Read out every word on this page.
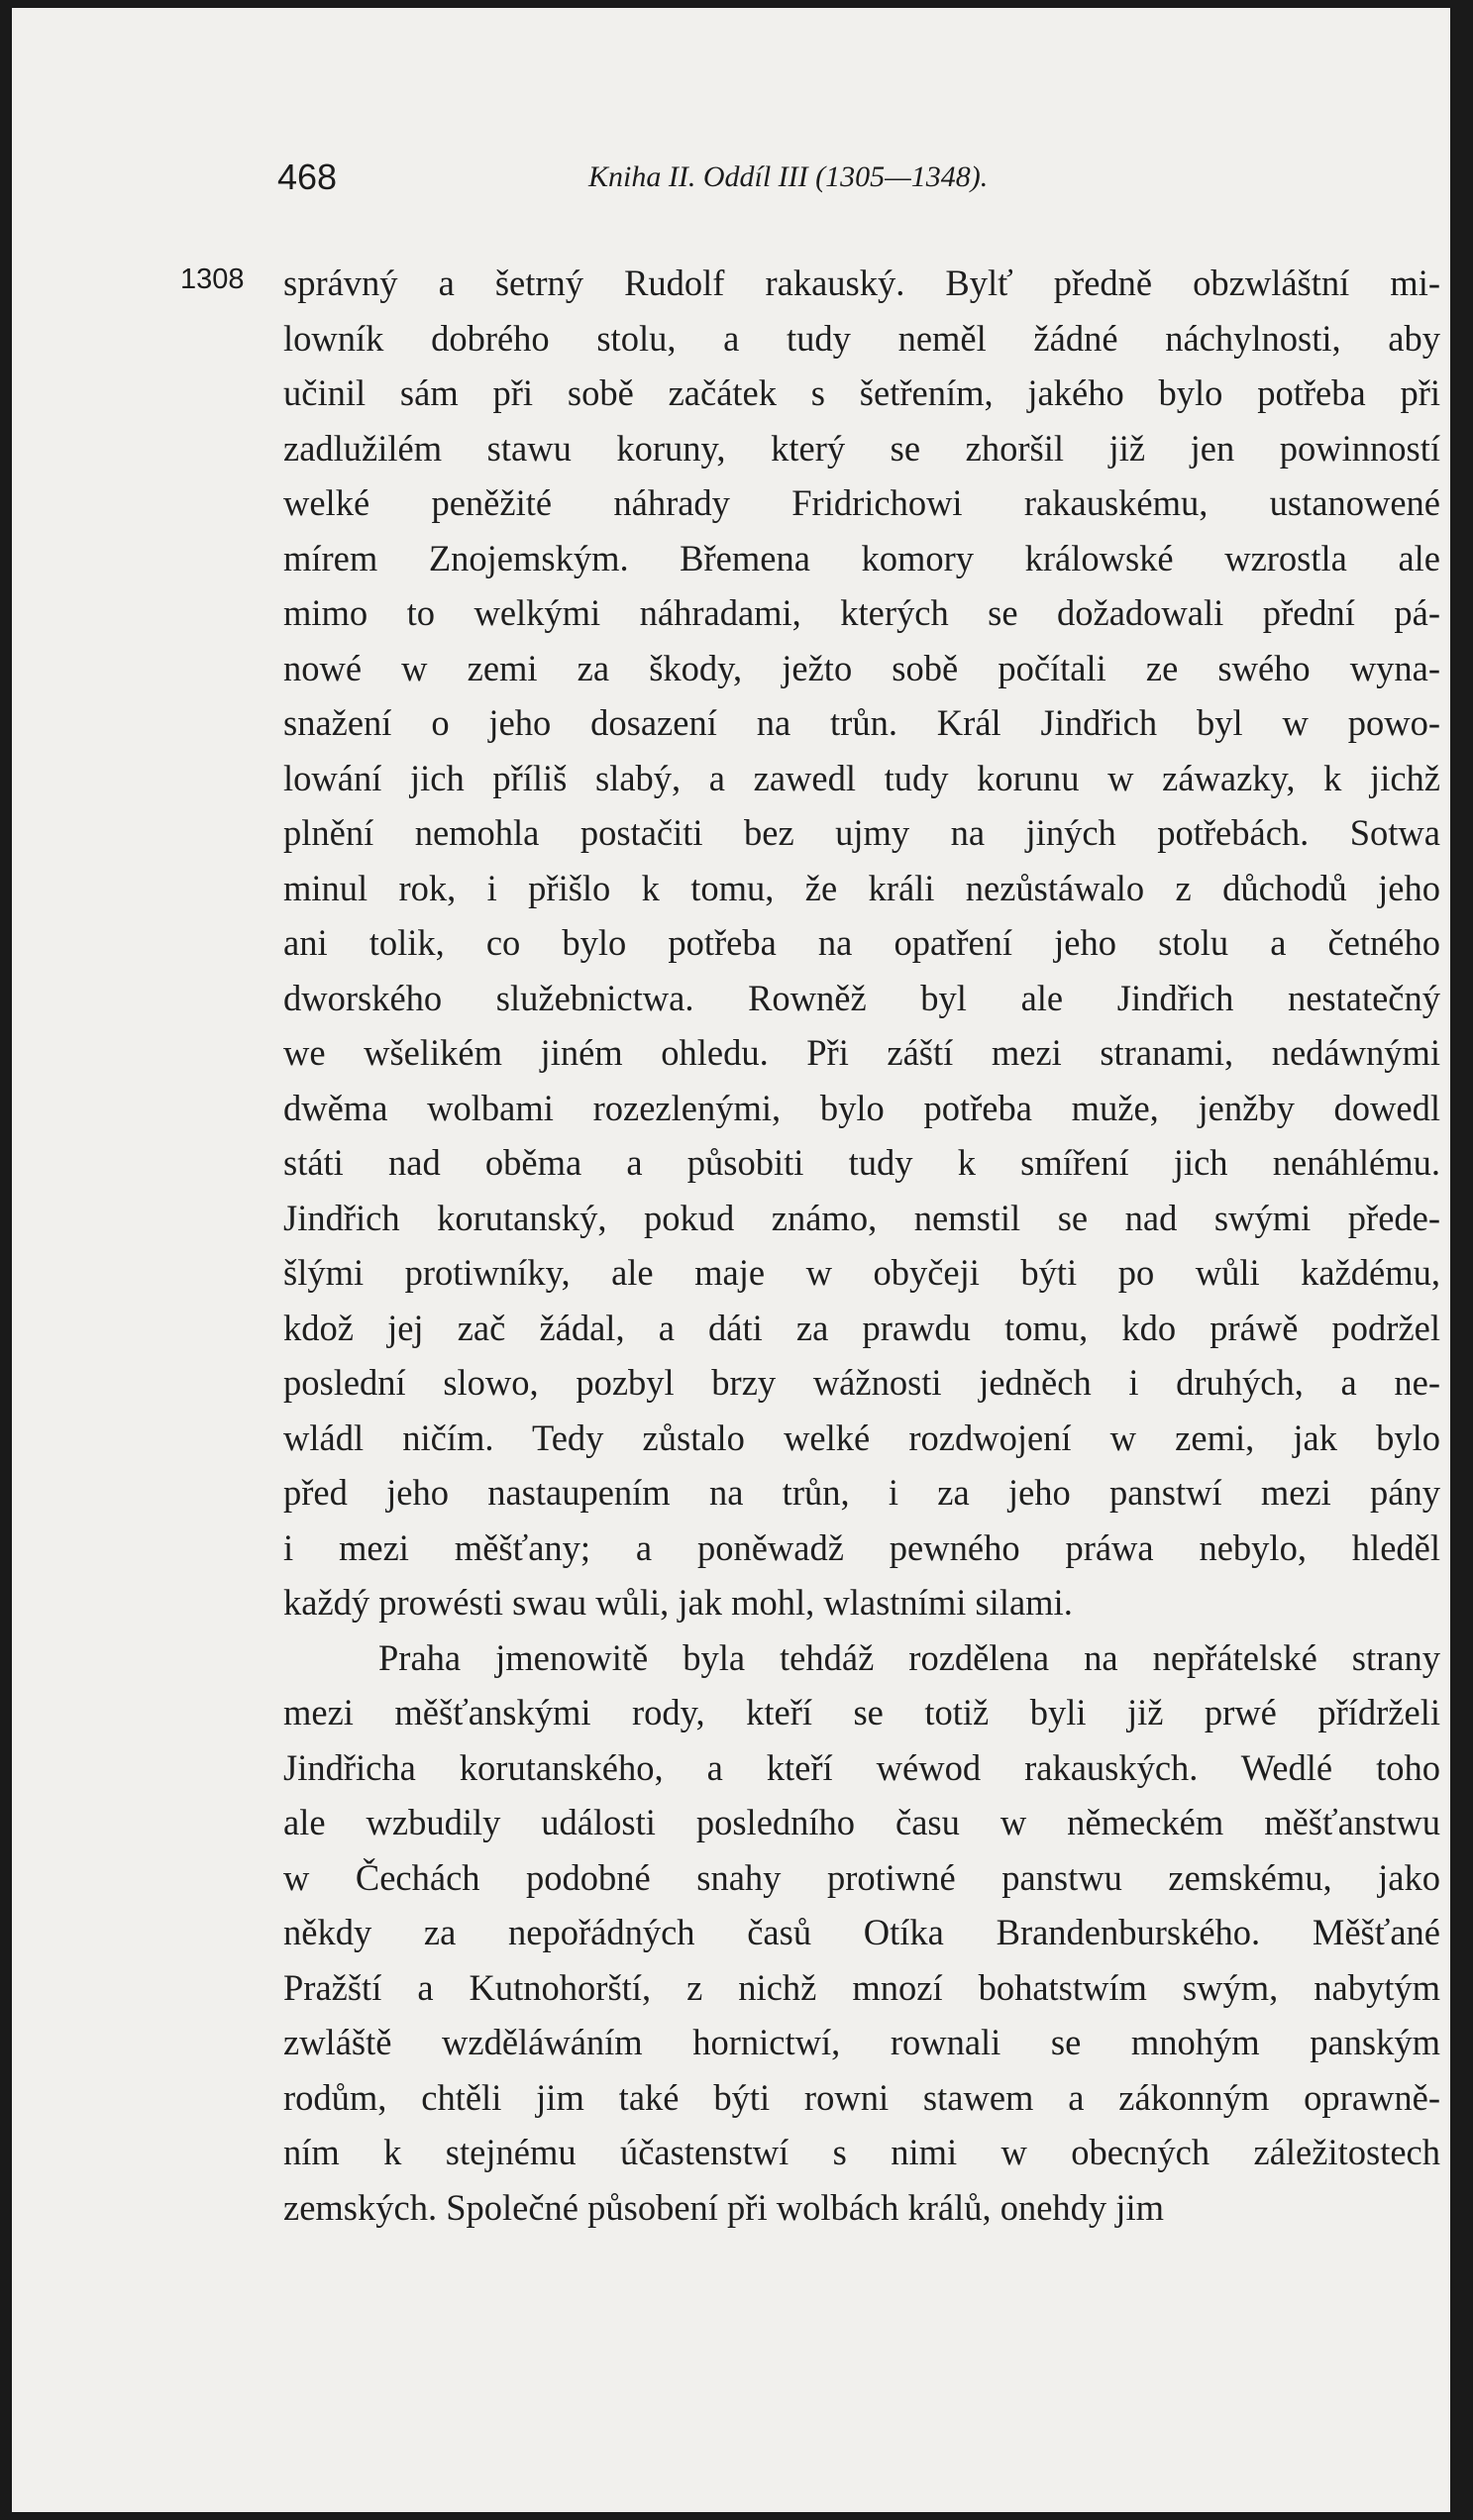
468	Kniha II. Oddíl III (1305—1348).
1308 správný a šetrný Rudolf rakauský. Bylť předně obzwláštní mi-
lowník dobrého stolu, a tudy neměl žádné náchylnosti, aby
učinil sám při sobě začátek s šetřením, jakého bylo potřeba při
zadlužilém stawu koruny, který se zhoršil již jen powinností
welké peněžité náhrady Fridrichowi rakauskému, ustanowené
mírem Znojemským. Břemena komory králowské wzrostla ale
mimo to welkými náhradami, kterých se dožadowali přední pá-
nowé w zemi za škody, ježto sobě počítali ze swého wyna-
snažení o jeho dosazení na trůn. Král Jindřich byl w powo-
lowání jich příliš slabý, a zawedl tudy korunu w záwazky, k jichž
plnění nemohla postačiti bez ujmy na jiných potřebách. Sotwa
minul rok, i přišlo k tomu, že králi nezůstáwalo z důchodů jeho
ani tolik, co bylo potřeba na opatření jeho stolu a četného
dworského služebnictwa. Rowněž byl ale Jindřich nestatečný
we wšelikém jiném ohledu. Při záští mezi stranami, nedáwnými
dwěma wolbami rozezlenými, bylo potřeba muže, jenžby dowedl
státi nad oběma a působiti tudy k smíření jich nenáhlému.
Jindřich korutanský, pokud známo, nemstil se nad swými přede-
šlými protiwníky, ale maje w obyčeji býti po wůli každému,
kdož jej zač žádal, a dáti za prawdu tomu, kdo práwě podržel
poslední slowo, pozbyl brzy wážnosti jedněch i druhých, a ne-
wládl ničím. Tedy zůstalo welké rozdwojení w zemi, jak bylo
před jeho nastaupením na trůn, i za jeho panstwí mezi pány
i mezi měšťany; a poněwadž pewného práwa nebylo, hleděl
každý prowésti swau wůli, jak mohl, wlastními silami.
Praha jmenowitě byla tehdáž rozdělena na nepřátelské strany
mezi měšťanskými rody, kteří se totiž byli již prwé přídrželi
Jindřicha korutanského, a kteří wéwod rakauských. Wedlé toho
ale wzbudily události posledního času w německém měšťanstwu
w Čechách podobné snahy protiwné panstwu zemskému, jako
někdy za nepořádných časů Otíka Brandenburského. Měšťané
Pražští a Kutnohorští, z nichž mnozí bohatstwím swým, nabytým
zwláště wzděláwáním hornictwí, rownali se mnohým panským
rodům, chtěli jim také býti rowni stawem a zákonným oprawně-
ním k stejnému účastenstwí s nimi w obecných záležitostech
zemských. Společné působení při wolbách králů, onehdy jim
